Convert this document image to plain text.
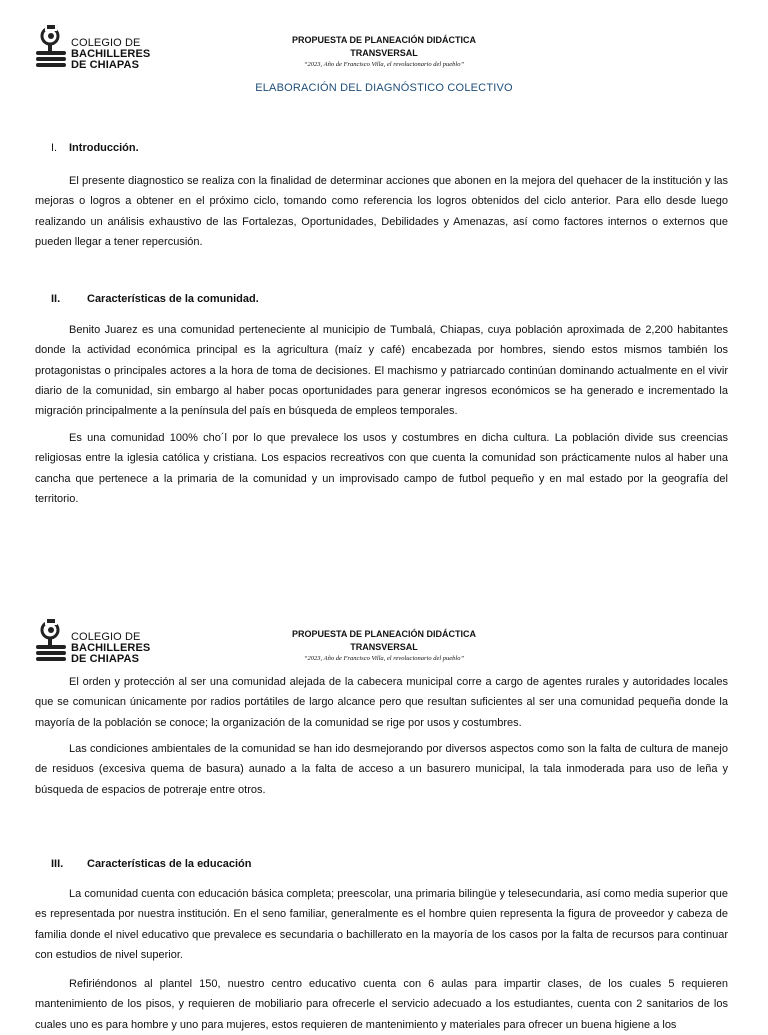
COLEGIO DE
BACHILLERES
DE CHIAPAS
PROPUESTA DE PLANEACIÓN DIDÁCTICA
TRANSVERSAL
“2023, Año de Francisco Villa, el revolucionario del pueblo”
ELABORACIÓN DEL DIAGNÓSTICO COLECTIVO
I. Introducción.

El presente diagnostico se realiza con la finalidad de determinar acciones que abonen en la mejora del quehacer de la institución y las mejoras o logros a obtener en el próximo ciclo, tomando como referencia los logros obtenidos del ciclo anterior. Para ello desde luego realizando un análisis exhaustivo de las Fortalezas, Oportunidades, Debilidades y Amenazas, así como factores internos o externos que pueden llegar a tener repercusión.

II. Características de la comunidad.

Benito Juarez es una comunidad perteneciente al municipio de Tumbalá, Chiapas, cuya población aproximada de 2,200 habitantes donde la actividad económica principal es la agricultura (maíz y café) encabezada por hombres, siendo estos mismos también los protagonistas o principales actores a la hora de toma de decisiones. El machismo y patriarcado continúan dominando actualmente en el vivir diario de la comunidad, sin embargo al haber pocas oportunidades para generar ingresos económicos se ha generado e incrementado la migración principalmente a la península del país en búsqueda de empleos temporales.

Es una comunidad 100% cho´l por lo que prevalece los usos y costumbres en dicha cultura. La población divide sus creencias religiosas entre la iglesia católica y cristiana. Los espacios recreativos con que cuenta la comunidad son prácticamente nulos al haber una cancha que pertenece a la primaria de la comunidad y un improvisado campo de futbol pequeño y en mal estado por la geografía del territorio.

COLEGIO DE
BACHILLERES
DE CHIAPAS
PROPUESTA DE PLANEACIÓN DIDÁCTICA
TRANSVERSAL
“2023, Año de Francisco Villa, el revolucionario del pueblo”

El orden y protección al ser una comunidad alejada de la cabecera municipal corre a cargo de agentes rurales y autoridades locales que se comunican únicamente por radios portátiles de largo alcance pero que resultan suficientes al ser una comunidad pequeña donde la mayoría de la población se conoce; la organización de la comunidad se rige por usos y costumbres.

Las condiciones ambientales de la comunidad se han ido desmejorando por diversos aspectos como son la falta de cultura de manejo de residuos (excesiva quema de basura) aunado a la falta de acceso a un basurero municipal, la tala inmoderada para uso de leña y búsqueda de espacios de potreraje entre otros.

III. Características de la educación

La comunidad cuenta con educación básica completa; preescolar, una primaria bilingüe y telesecundaria, así como media superior que es representada por nuestra institución. En el seno familiar, generalmente es el hombre quien representa la figura de proveedor y cabeza de familia donde el nivel educativo que prevalece es secundaria o bachillerato en la mayoría de los casos por la falta de recursos para continuar con estudios de nivel superior.

Refiriéndonos al plantel 150, nuestro centro educativo cuenta con 6 aulas para impartir clases, de los cuales 5 requieren mantenimiento de los pisos, y requieren de mobiliario para ofrecerle el servicio adecuado a los estudiantes, cuenta con 2 sanitarios de los cuales uno es para hombre y uno para mujeres, estos requieren de mantenimiento y materiales para ofrecer un buena higiene a los
